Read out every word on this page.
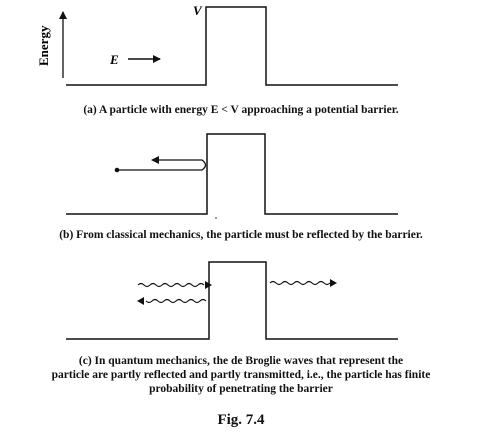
Energy	E
V
(a) A particle with energy E < V approaching a potential barrier.
(b) From classical mechanics, the particle must be reflected by the barrier.
(c) In quantum mechanics, the de Broglie waves that represent the
particle are partly reflected and partly transmitted, i.e., the particle has finite
probability of penetrating the barrier
Fig. 7.4
